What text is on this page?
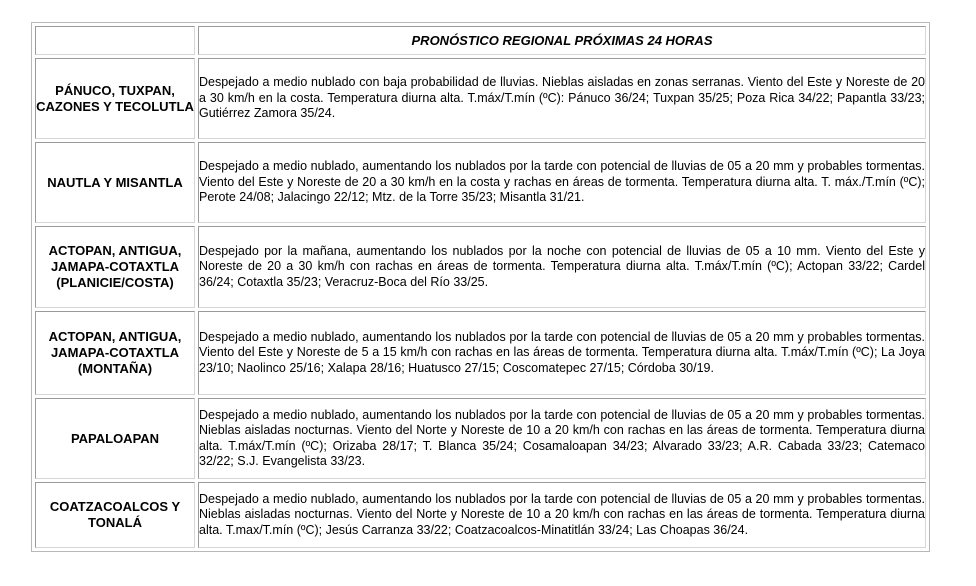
	PRONÓSTICO REGIONAL PRÓXIMAS 24 HORAS
PÁNUCO, TUXPAN, CAZONES Y TECOLUTLA	Despejado a medio nublado con baja probabilidad de lluvias. Nieblas aisladas en zonas serranas. Viento del Este y Noreste de 20 a 30 km/h en la costa. Temperatura diurna alta. T.máx/T.mín (ºC): Pánuco 36/24; Tuxpan 35/25; Poza Rica 34/22; Papantla 33/23; Gutiérrez Zamora 35/24.
NAUTLA Y MISANTLA	Despejado a medio nublado, aumentando los nublados por la tarde con potencial de lluvias de 05 a 20 mm y probables tormentas. Viento del Este y Noreste de 20 a 30 km/h en la costa y rachas en áreas de tormenta. Temperatura diurna alta. T. máx./T.mín (ºC); Perote 24/08; Jalacingo 22/12; Mtz. de la Torre 35/23; Misantla 31/21.
ACTOPAN, ANTIGUA, JAMAPA-COTAXTLA (PLANICIE/COSTA)	Despejado por la mañana, aumentando los nublados por la noche con potencial de lluvias de 05 a 10 mm. Viento del Este y Noreste de 20 a 30 km/h con rachas en áreas de tormenta. Temperatura diurna alta. T.máx/T.mín (ºC); Actopan 33/22; Cardel 36/24; Cotaxtla 35/23; Veracruz-Boca del Río 33/25.
ACTOPAN, ANTIGUA, JAMAPA-COTAXTLA (MONTAÑA)	Despejado a medio nublado, aumentando los nublados por la tarde con potencial de lluvias de 05 a 20 mm y probables tormentas. Viento del Este y Noreste de 5 a 15 km/h con rachas en las áreas de tormenta. Temperatura diurna alta. T.máx/T.mín (ºC); La Joya 23/10; Naolinco 25/16; Xalapa 28/16; Huatusco 27/15; Coscomatepec 27/15; Córdoba 30/19.
PAPALOAPAN	Despejado a medio nublado, aumentando los nublados por la tarde con potencial de lluvias de 05 a 20 mm y probables tormentas. Nieblas aisladas nocturnas. Viento del Norte y Noreste de 10 a 20 km/h con rachas en las áreas de tormenta. Temperatura diurna alta. T.máx/T.mín (ºC); Orizaba 28/17; T. Blanca 35/24; Cosamaloapan 34/23; Alvarado 33/23; A.R. Cabada 33/23; Catemaco 32/22; S.J. Evangelista 33/23.
COATZACOALCOS Y TONALÁ	Despejado a medio nublado, aumentando los nublados por la tarde con potencial de lluvias de 05 a 20 mm y probables tormentas. Nieblas aisladas nocturnas. Viento del Norte y Noreste de 10 a 20 km/h con rachas en las áreas de tormenta. Temperatura diurna alta. T.max/T.mín (ºC); Jesús Carranza 33/22; Coatzacoalcos-Minatitlán 33/24; Las Choapas 36/24.
